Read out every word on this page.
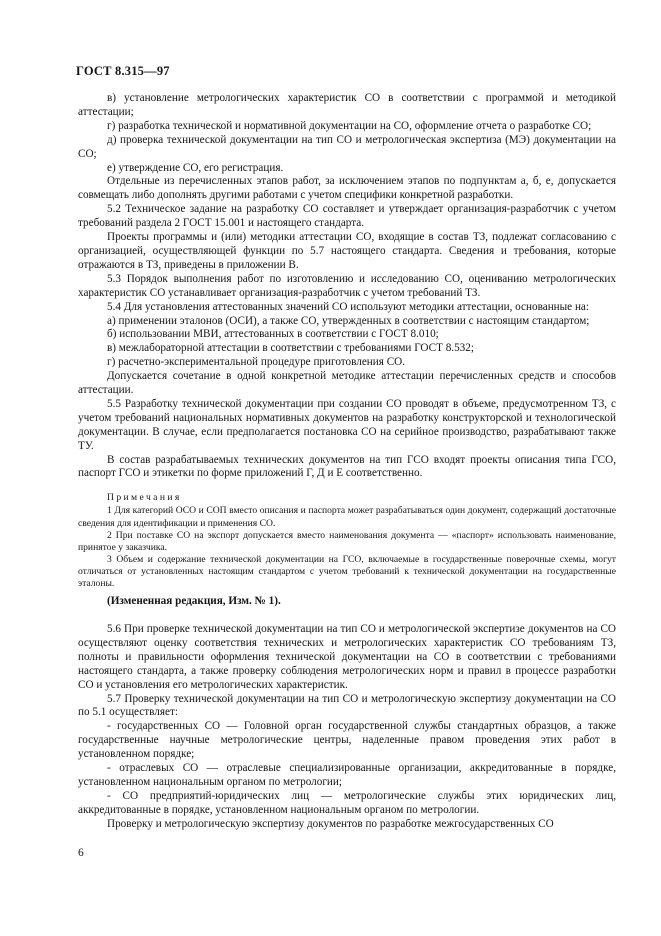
ГОСТ 8.315—97

в) установление метрологических характеристик СО в соответствии с программой и методикой аттестации;

г) разработка технической и нормативной документации на СО, оформление отчета о разработке СО;

д) проверка технической документации на тип СО и метрологическая экспертиза (МЭ) документации на СО;

е) утверждение СО, его регистрация.

Отдельные из перечисленных этапов работ, за исключением этапов по подпунктам а, б, е, допускается совмещать либо дополнять другими работами с учетом специфики конкретной разработки.

5.2 Техническое задание на разработку СО составляет и утверждает организация-разработчик с учетом требований раздела 2 ГОСТ 15.001 и настоящего стандарта.

Проекты программы и (или) методики аттестации СО, входящие в состав ТЗ, подлежат согласованию с организацией, осуществляющей функции по 5.7 настоящего стандарта. Сведения и требования, которые отражаются в ТЗ, приведены в приложении В.

5.3 Порядок выполнения работ по изготовлению и исследованию СО, оцениванию метрологических характеристик СО устанавливает организация-разработчик с учетом требований ТЗ.

5.4 Для установления аттестованных значений СО используют методики аттестации, основанные на:

а) применении эталонов (ОСИ), а также СО, утвержденных в соответствии с настоящим стандартом;

б) использовании МВИ, аттестованных в соответствии с ГОСТ 8.010;

в) межлабораторной аттестации в соответствии с требованиями ГОСТ 8.532;

г) расчетно-экспериментальной процедуре приготовления СО.

Допускается сочетание в одной конкретной методике аттестации перечисленных средств и способов аттестации.

5.5 Разработку технической документации при создании СО проводят в объеме, предусмотренном ТЗ, с учетом требований национальных нормативных документов на разработку конструкторской и технологической документации. В случае, если предполагается постановка СО на серийное производство, разрабатывают также ТУ.

В состав разрабатываемых технических документов на тип ГСО входят проекты описания типа ГСО, паспорт ГСО и этикетки по форме приложений Г, Д и Е соответственно.

Примечания

1 Для категорий ОСО и СОП вместо описания и паспорта может разрабатываться один документ, содержащий достаточные сведения для идентификации и применения СО.

2 При поставке СО на экспорт допускается вместо наименования документа — «паспорт» использовать наименование, принятое у заказчика.

3 Объем и содержание технической документации на ГСО, включаемые в государственные поверочные схемы, могут отличаться от установленных настоящим стандартом с учетом требований к технической документации на государственные эталоны.

(Измененная редакция, Изм. № 1).

5.6 При проверке технической документации на тип СО и метрологической экспертизе документов на СО осуществляют оценку соответствия технических и метрологических характеристик СО требованиям ТЗ, полноты и правильности оформления технической документации на СО в соответствии с требованиями настоящего стандарта, а также проверку соблюдения метрологических норм и правил в процессе разработки СО и установления его метрологических характеристик.

5.7 Проверку технической документации на тип СО и метрологическую экспертизу документации на СО по 5.1 осуществляет:

- государственных СО — Головной орган государственной службы стандартных образцов, а также государственные научные метрологические центры, наделенные правом проведения этих работ в установленном порядке;

- отраслевых СО — отраслевые специализированные организации, аккредитованные в порядке, установленном национальным органом по метрологии;

- СО предприятий-юридических лиц — метрологические службы этих юридических лиц, аккредитованные в порядке, установленном национальным органом по метрологии.

Проверку и метрологическую экспертизу документов по разработке межгосударственных СО

6
